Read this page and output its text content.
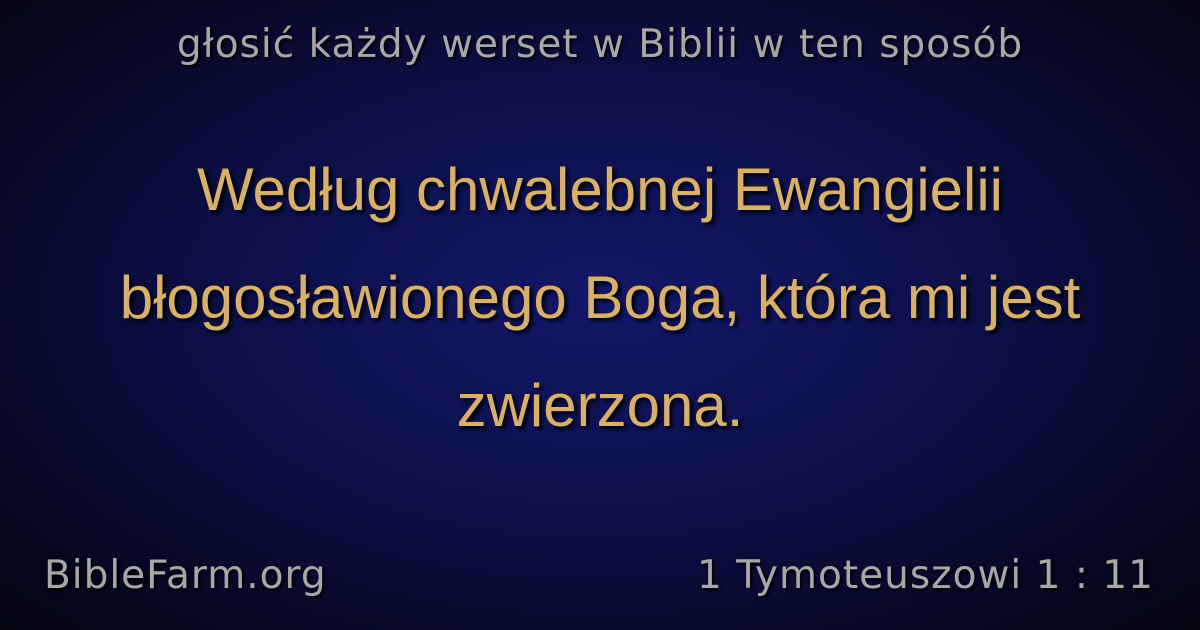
głosić każdy werset w Biblii w ten sposób
Według chwalebnej Ewangielii błogosławionego Boga, która mi jest zwierzona.
BibleFarm.org	1 Tymoteuszowi 1 : 11
